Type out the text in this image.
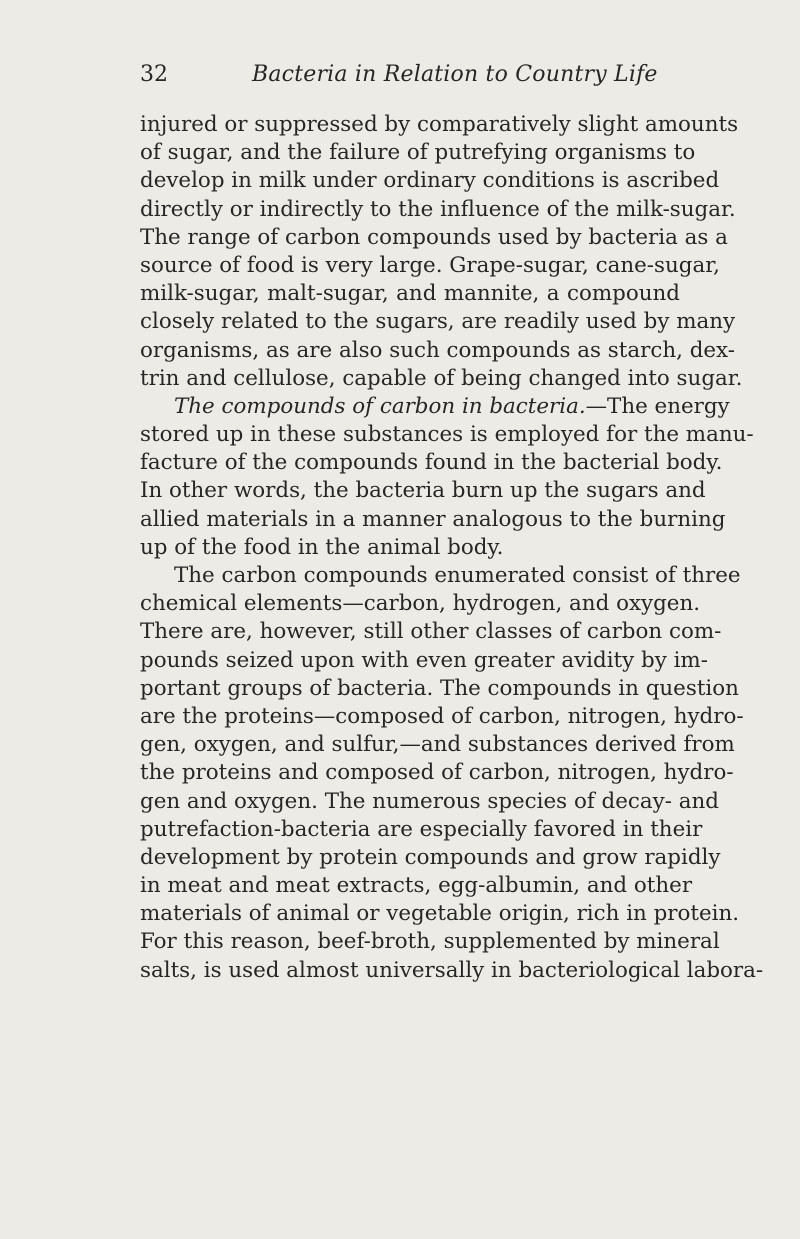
32	Bacteria in Relation to Country Life
injured or suppressed by comparatively slight amounts
of sugar, and the failure of putrefying organisms to
develop in milk under ordinary conditions is ascribed
directly or indirectly to the influence of the milk-sugar.
The range of carbon compounds used by bacteria as a
source of food is very large. Grape-sugar, cane-sugar,
milk-sugar, malt-sugar, and mannite, a compound
closely related to the sugars, are readily used by many
organisms, as are also such compounds as starch, dex-
trin and cellulose, capable of being changed into sugar.
The compounds of carbon in bacteria.—The energy
stored up in these substances is employed for the manu-
facture of the compounds found in the bacterial body.
In other words, the bacteria burn up the sugars and
allied materials in a manner analogous to the burning
up of the food in the animal body.
The carbon compounds enumerated consist of three
chemical elements—carbon, hydrogen, and oxygen.
There are, however, still other classes of carbon com-
pounds seized upon with even greater avidity by im-
portant groups of bacteria. The compounds in question
are the proteins—composed of carbon, nitrogen, hydro-
gen, oxygen, and sulfur,—and substances derived from
the proteins and composed of carbon, nitrogen, hydro-
gen and oxygen. The numerous species of decay- and
putrefaction-bacteria are especially favored in their
development by protein compounds and grow rapidly
in meat and meat extracts, egg-albumin, and other
materials of animal or vegetable origin, rich in protein.
For this reason, beef-broth, supplemented by mineral
salts, is used almost universally in bacteriological labora-
